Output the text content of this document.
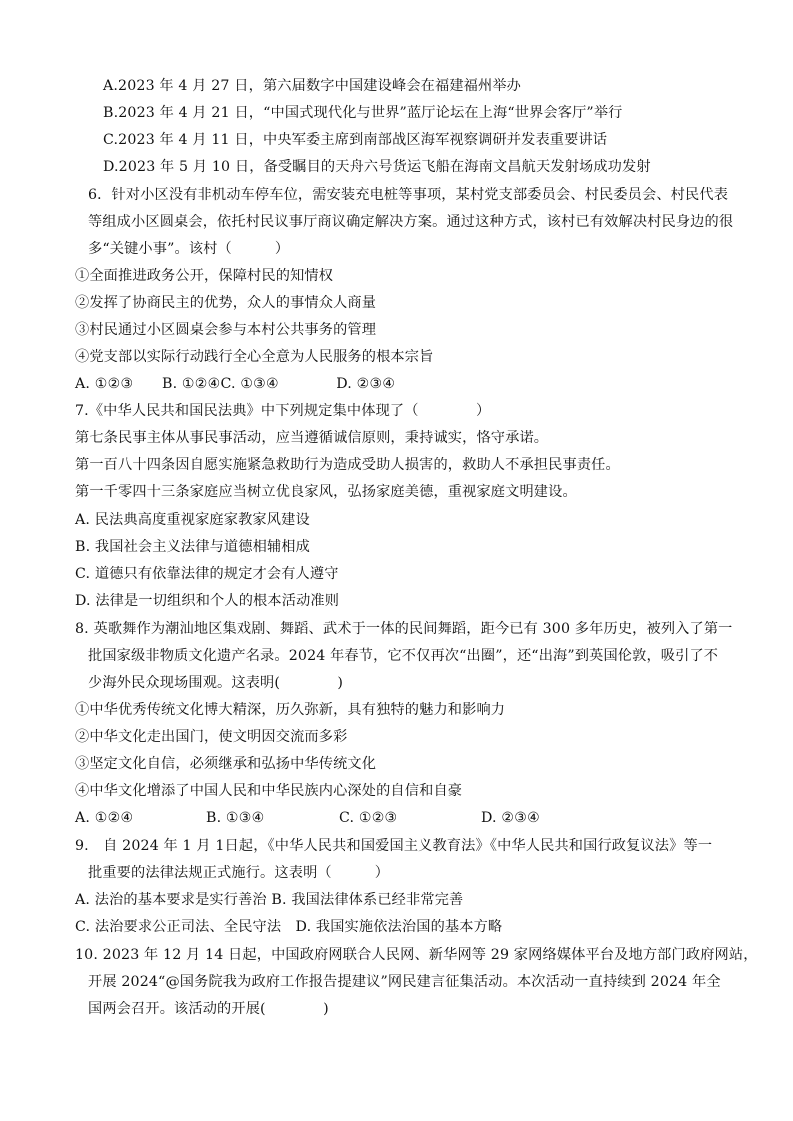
A.2023 年 4 月 27 日，第六届数字中国建设峰会在福建福州举办
B.2023 年 4 月 21 日，“中国式现代化与世界”蓝厅论坛在上海“世界会客厅”举行
C.2023 年 4 月 11 日，中央军委主席到南部战区海军视察调研并发表重要讲话
D.2023 年 5 月 10 日，备受瞩目的天舟六号货运飞船在海南文昌航天发射场成功发射
6．针对小区没有非机动车停车位，需安装充电桩等事项，某村党支部委员会、村民委员会、村民代表
等组成小区圆桌会，依托村民议事厅商议确定解决方案。通过这种方式，该村已有效解决村民身边的很
多“关键小事”。该村（　　　）
①全面推进政务公开，保障村民的知情权
②发挥了协商民主的优势，众人的事情众人商量
③村民通过小区圆桌会参与本村公共事务的管理
④党支部以实际行动践行全心全意为人民服务的根本宗旨
A. ①②③　　B. ①②④C. ①③④　　　　D. ②③④
7.《中华人民共和国民法典》中下列规定集中体现了（　　　　）
第七条民事主体从事民事活动，应当遵循诚信原则，秉持诚实，恪守承诺。
第一百八十四条因自愿实施紧急救助行为造成受助人损害的，救助人不承担民事责任。
第一千零四十三条家庭应当树立优良家风，弘扬家庭美德，重视家庭文明建设。
A. 民法典高度重视家庭家教家风建设
B. 我国社会主义法律与道德相辅相成
C. 道德只有依靠法律的规定才会有人遵守
D. 法律是一切组织和个人的根本活动准则
8. 英歌舞作为潮汕地区集戏剧、舞蹈、武术于一体的民间舞蹈，距今已有 300 多年历史，被列入了第一
批国家级非物质文化遗产名录。2024 年春节，它不仅再次“出圈”，还“出海”到英国伦敦，吸引了不
少海外民众现场围观。这表明(　　　　)
①中华优秀传统文化博大精深，历久弥新，具有独特的魅力和影响力
②中华文化走出国门，使文明因交流而多彩
③坚定文化自信，必须继承和弘扬中华传统文化
④中华文化增添了中国人民和中华民族内心深处的自信和自豪
A. ①②④	B. ①③④	C. ①②③	D. ②③④
9.　自 2024 年 1 月 1日起，《中华人民共和国爱国主义教育法》《中华人民共和国行政复议法》等一
批重要的法律法规正式施行。这表明（　　　）
A. 法治的基本要求是实行善治 B. 我国法律体系已经非常完善
C. 法治要求公正司法、全民守法　D. 我国实施依法治国的基本方略
10. 2023 年 12 月 14 日起，中国政府网联合人民网、新华网等 29 家网络媒体平台及地方部门政府网站，
开展 2024“@国务院我为政府工作报告提建议”网民建言征集活动。本次活动一直持续到 2024 年全
国两会召开。该活动的开展(　　　　)
